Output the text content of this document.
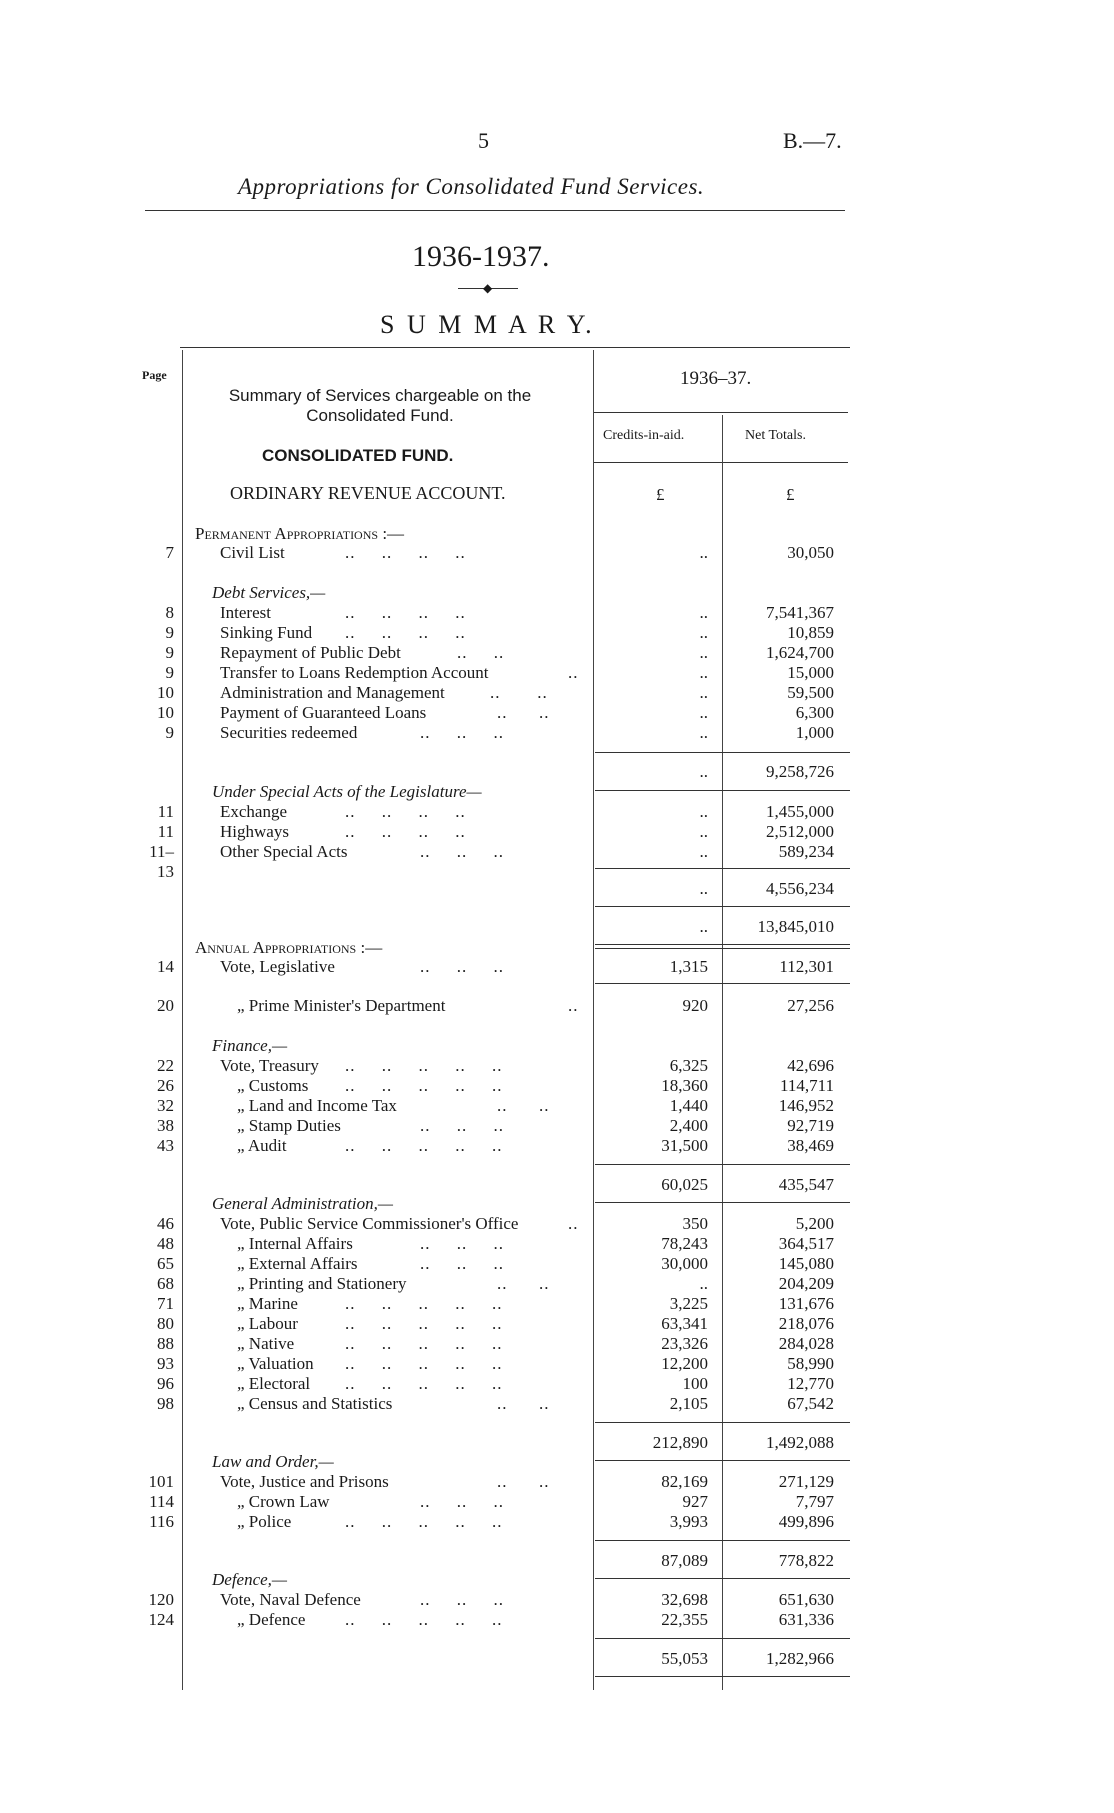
5	B.—7.
Appropriations for Consolidated Fund Services.
1936-1937.
◆
S U M M A R Y.
Page
Summary of Services chargeable on the Consolidated Fund.
CONSOLIDATED FUND.
ORDINARY REVENUE ACCOUNT.
1936–37.
Credits-in-aid.	Net Totals.
£	£
Permanent Appropriations :—
7	Civil List	..     ..     ..     ..	..	30,050
Debt Services,—
8	Interest	..     ..     ..     ..	..	7,541,367
9	Sinking Fund ..     ..     ..     ..	..	10,859
9	Repayment of Public Debt	..     ..	..	1,624,700
9	Transfer to Loans Redemption Account	..	..	15,000
10	Administration and Management	..       ..	..	59,500
10	Payment of Guaranteed Loans	..      ..	..	6,300
9	Securities redeemed	..     ..     ..	..	1,000
..	9,258,726
Under Special Acts of the Legislature—
11	Exchange	..     ..     ..     ..	..	1,455,000
11	Highways	..     ..     ..     ..	..	2,512,000
11–	Other Special Acts	..     ..     ..	..	589,234
13
..	4,556,234
..	13,845,010
Annual Appropriations :—
14	Vote, Legislative	..     ..     ..	1,315	112,301
20	„ Prime Minister's Department	..	920	27,256
Finance,—
22	Vote, Treasury ..     ..     ..     ..     ..	6,325	42,696
26	„ Customs ..     ..     ..     ..     ..	18,360	114,711
32	„ Land and Income Tax	..      ..	1,440	146,952
38	„ Stamp Duties	..     ..     ..	2,400	92,719
43	„ Audit	..     ..     ..     ..     ..	31,500	38,469
60,025	435,547
General Administration,—
46	Vote, Public Service Commissioner's Office	..	350	5,200
48	„ Internal Affairs	..     ..     ..	78,243	364,517
65	„ External Affairs	..     ..     ..	30,000	145,080
68	„ Printing and Stationery	..      ..	..	204,209
71	„ Marine	..     ..     ..     ..     ..	3,225	131,676
80	„ Labour	..     ..     ..     ..     ..	63,341	218,076
88	„ Native	..     ..     ..     ..     ..	23,326	284,028
93	„ Valuation ..     ..     ..     ..     ..	12,200	58,990
96	„ Electoral ..     ..     ..     ..     ..	100	12,770
98	„ Census and Statistics	..      ..	2,105	67,542
212,890	1,492,088
Law and Order,—
101	Vote, Justice and Prisons	..      ..	82,169	271,129
114	„ Crown Law	..     ..     ..	927	7,797
116	„ Police	..     ..     ..     ..     ..	3,993	499,896
87,089	778,822
Defence,—
120	Vote, Naval Defence	..     ..     ..	32,698	651,630
124	„ Defence ..     ..     ..     ..     ..	22,355	631,336
55,053	1,282,966
